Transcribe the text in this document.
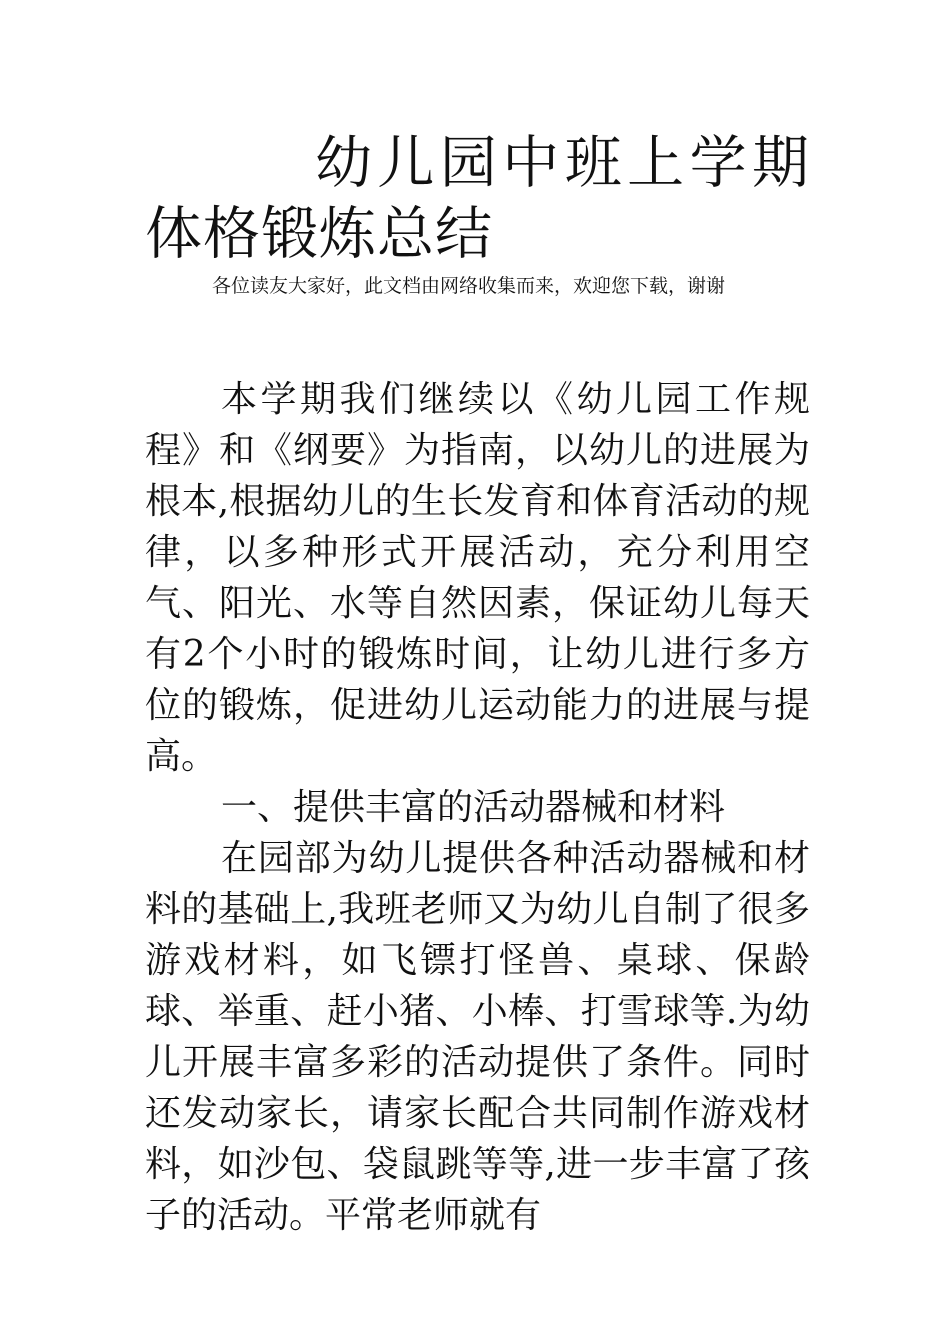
幼儿园中班上学期体格锻炼总结

各位读友大家好，此文档由网络收集而来，欢迎您下载，谢谢

本学期我们继续以《幼儿园工作规程》和《纲要》为指南，以幼儿的进展为根本,根据幼儿的生长发育和体育活动的规律，以多种形式开展活动，充分利用空气、阳光、水等自然因素，保证幼儿每天有2个小时的锻炼时间，让幼儿进行多方位的锻炼，促进幼儿运动能力的进展与提高。

一、提供丰富的活动器械和材料

在园部为幼儿提供各种活动器械和材料的基础上,我班老师又为幼儿自制了很多游戏材料，如飞镖打怪兽、桌球、保龄球、举重、赶小猪、小棒、打雪球等.为幼儿开展丰富多彩的活动提供了条件。同时还发动家长，请家长配合共同制作游戏材料，如沙包、袋鼠跳等等,进一步丰富了孩子的活动。平常老师就有
